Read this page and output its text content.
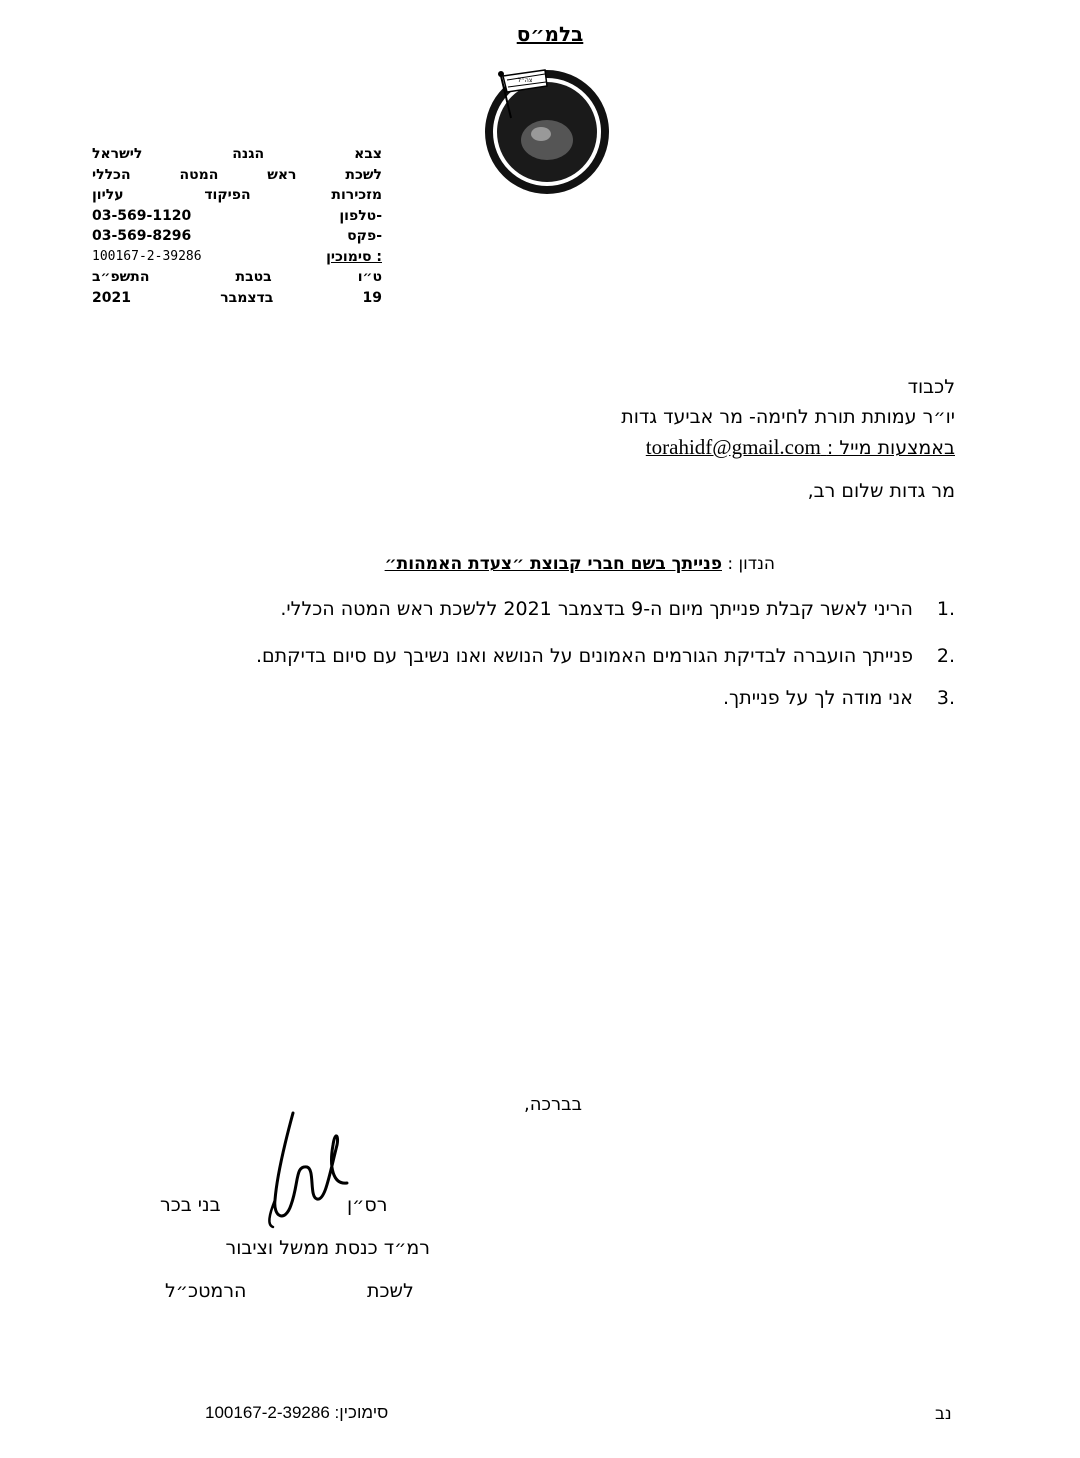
בלמ״ס
צה״ל
צבא
הגנה
לישראל
לשכת
ראש
המטה
הכללי
מזכירות
הפיקוד
עליון
טלפון-
03-569-1120
פקס-
03-569-8296
סימוכין :
100167-2-39286
ט״ו
בטבת
התשפ״ב
19
בדצמבר
2021
לכבוד
יו״ר עמותת תורת לחימה- מר אביעד גדות
באמצעות מייל : torahidf@gmail.com
מר גדות שלום רב,
הנדון : פנייתך בשם חברי קבוצת ״צעדת האמהות״
1. הריני לאשר קבלת פנייתך מיום ה-9 בדצמבר 2021 ללשכת ראש המטה הכללי.
2. פנייתך הועברה לבדיקת הגורמים האמונים על הנושא ואנו נשיבך עם סיום בדיקתם.
3. אני מודה לך על פנייתך.
בברכה,
רס״ן
בני בכר
רמ״ד כנסת ממשל וציבור
לשכת
הרמטכ״ל
סימוכין: 100167-2-39286	נב
